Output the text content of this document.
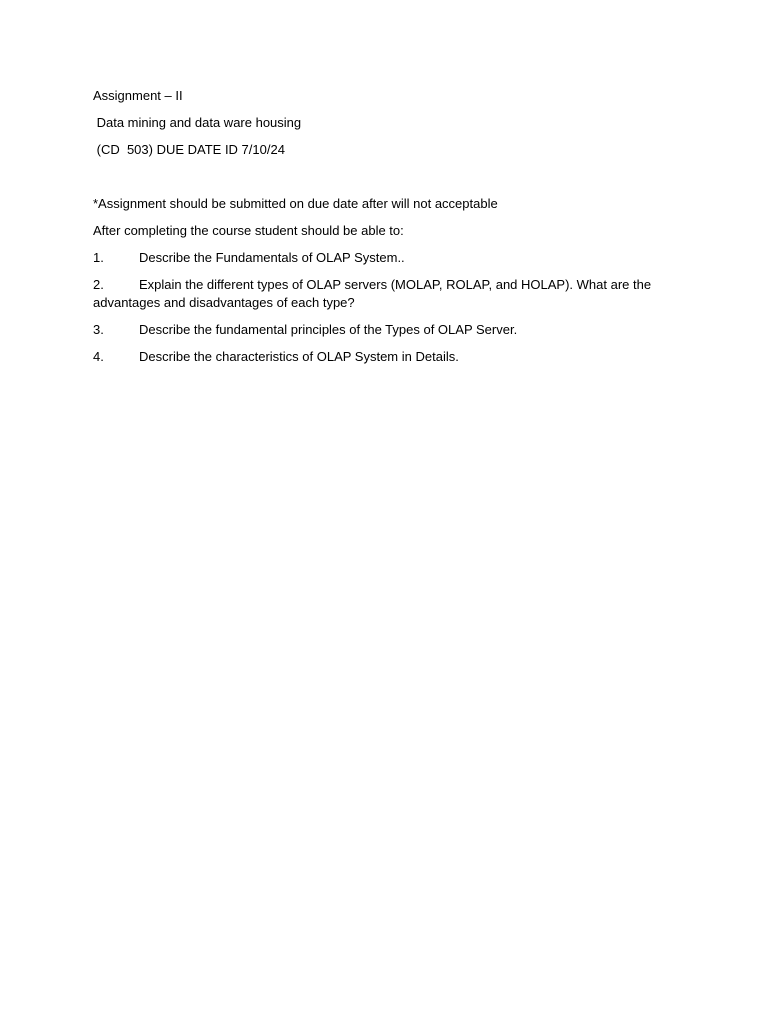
Assignment – II

Data mining and data ware housing

(CD  503) DUE DATE ID 7/10/24

*Assignment should be submitted on due date after will not acceptable

After completing the course student should be able to:

1.	Describe the Fundamentals of OLAP System..
2.	Explain the different types of OLAP servers (MOLAP, ROLAP, and HOLAP). What are the advantages and disadvantages of each type?
3.	Describe the fundamental principles of the Types of OLAP Server.
4.	Describe the characteristics of OLAP System in Details.
